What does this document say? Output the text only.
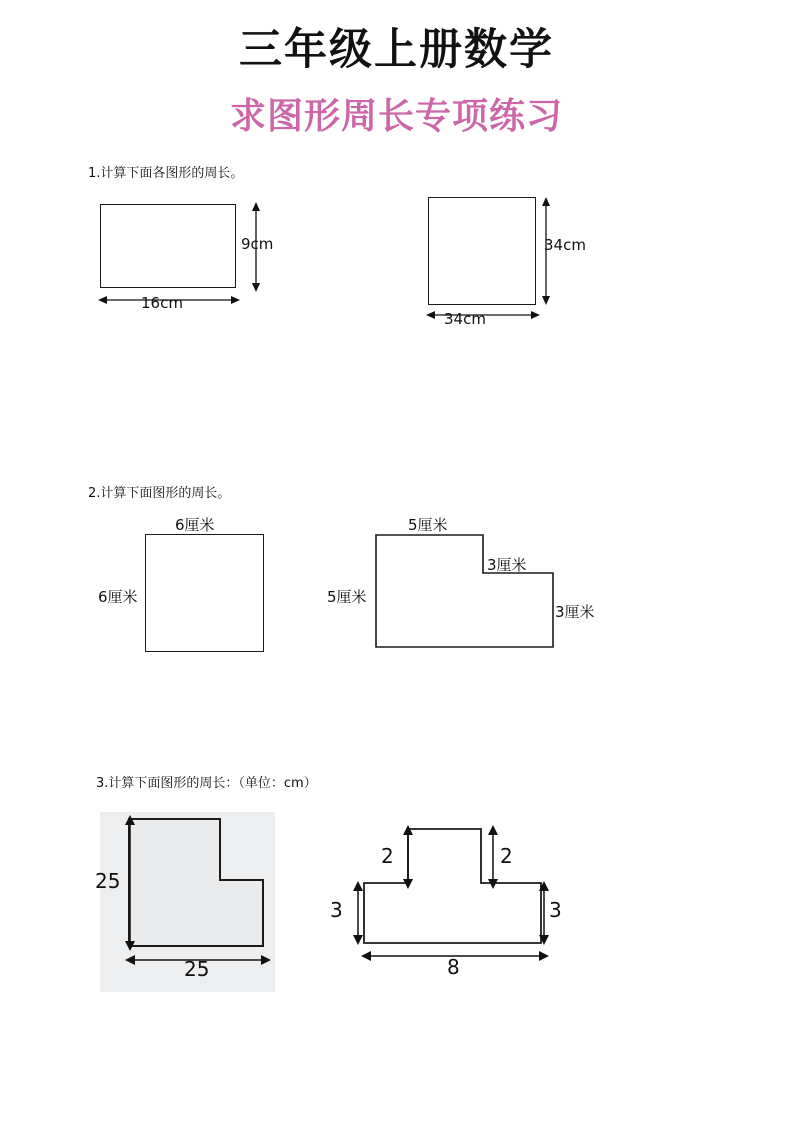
三年级上册数学
求图形周长专项练习
1.计算下面各图形的周长。
9cm
16cm
34cm
34cm
2.计算下面图形的周长。
6厘米
6厘米
5厘米
5厘米
3厘米
3厘米
3.计算下面图形的周长：（单位：cm）
25
25
2	2
3	3
8
